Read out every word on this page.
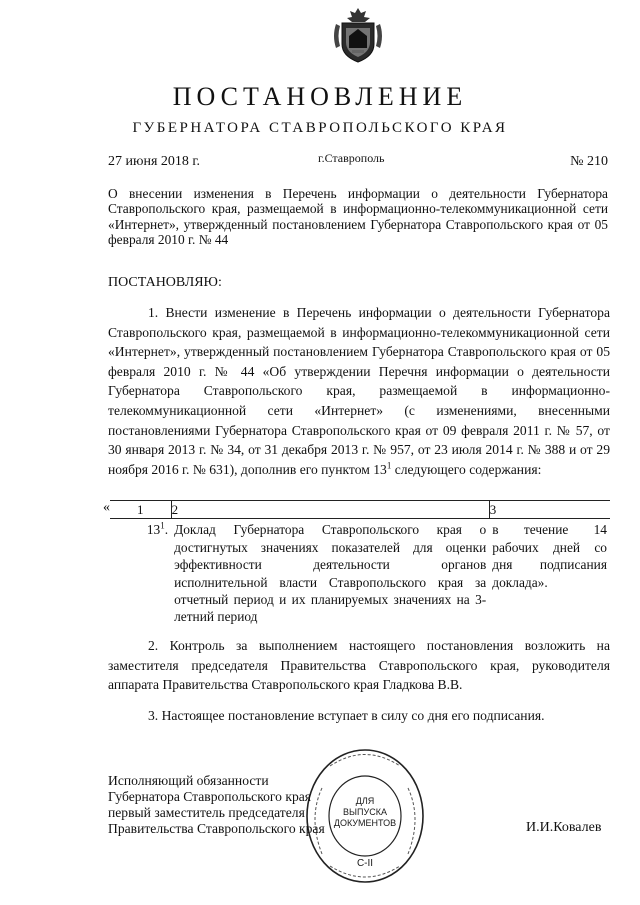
ПОСТАНОВЛЕНИЕ
ГУБЕРНАТОРА СТАВРОПОЛЬСКОГО КРАЯ
27 июня 2018 г.	г.Ставрополь	№ 210
О внесении изменения в Перечень информации о деятельности Губернатора Ставропольского края, размещаемой в информационно-телекоммуникационной сети «Интернет», утвержденный постановлением Губернатора Ставропольского края от 05 февраля 2010 г. № 44
ПОСТАНОВЛЯЮ:
1. Внести изменение в Перечень информации о деятельности Губернатора Ставропольского края, размещаемой в информационно-телекоммуникационной сети «Интернет», утвержденный постановлением Губернатора Ставропольского края от 05 февраля 2010 г. № 44 «Об утверждении Перечня информации о деятельности Губернатора Ставропольского края, размещаемой в информационно-телекоммуникационной сети «Интернет» (с изменениями, внесенными постановлениями Губернатора Ставропольского края от 09 февраля 2011 г. № 57, от 30 января 2013 г. № 34, от 31 декабря 2013 г. № 957, от 23 июля 2014 г. № 388 и от 29 ноября 2016 г. № 631), дополнив его пунктом $13^1$ следующего содержания:
« 1	2	3
$13^1$.	Доклад Губернатора Ставропольского края о достигнутых значениях показателей для оценки эффективности деятельности органов исполнительной власти Ставропольского края за отчетный период и их планируемых значениях на 3-летний период	в течение 14 рабочих дней со дня подписания доклада».
2. Контроль за выполнением настоящего постановления возложить на заместителя председателя Правительства Ставропольского края, руководителя аппарата Правительства Ставропольского края Гладкова В.В.
3. Настоящее постановление вступает в силу со дня его подписания.
ДЛЯ
ВЫПУСКА
ДОКУМЕНТОВ
С-II
Исполняющий обязанности
Губернатора Ставропольского края
первый заместитель председателя
Правительства Ставропольского края	И.И.Ковалев
